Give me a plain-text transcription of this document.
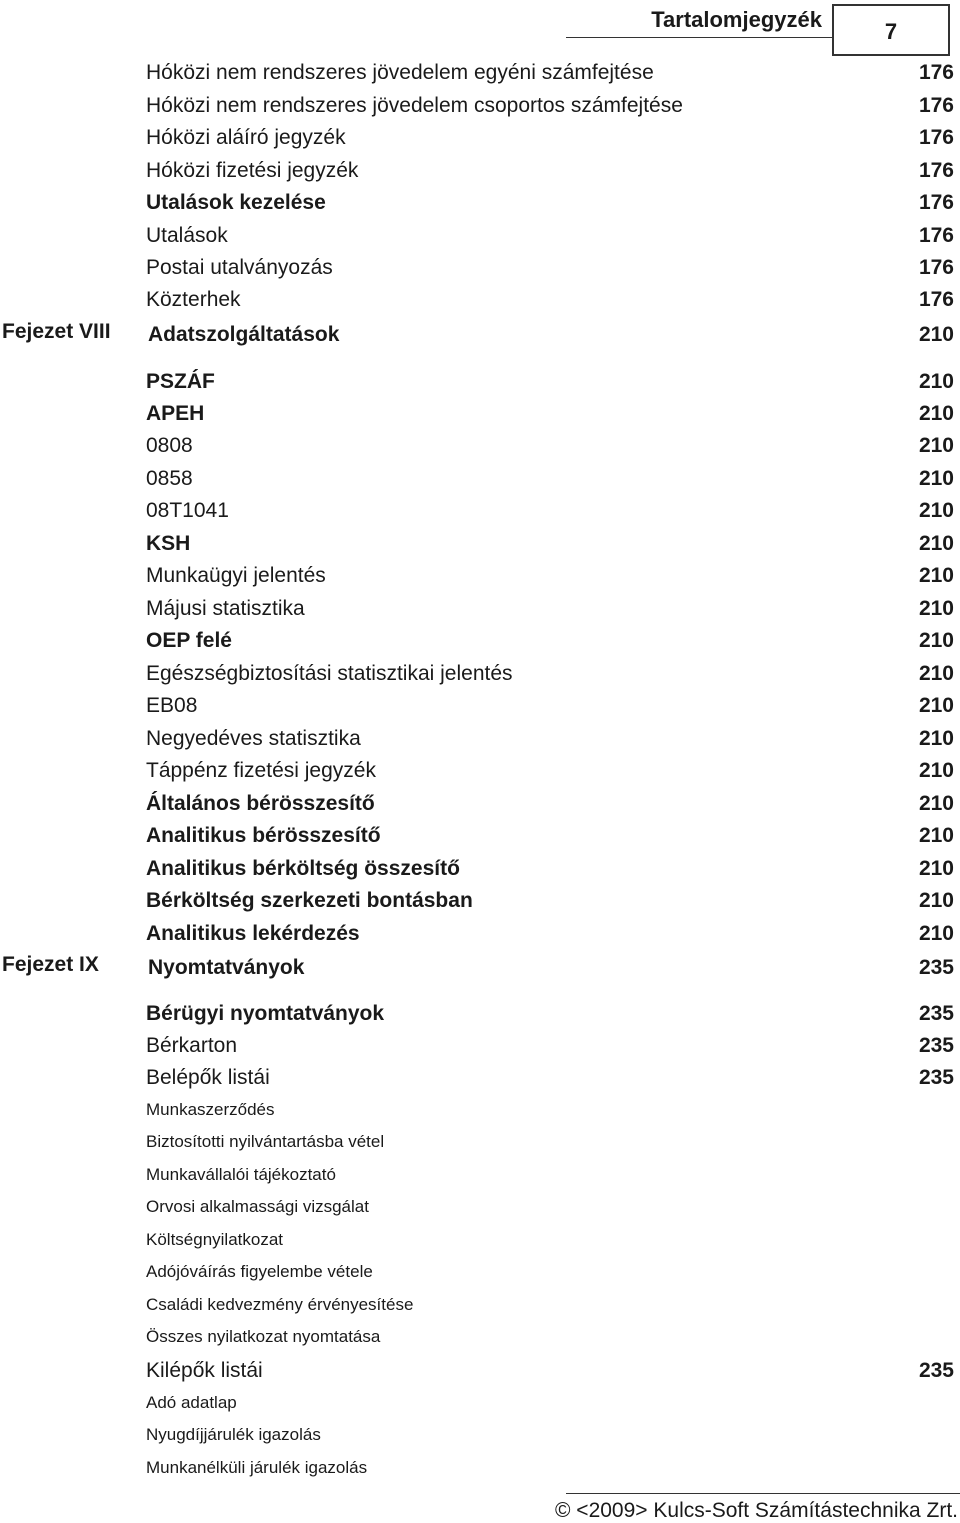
Tartalomjegyzék	7
Hóközi nem rendszeres jövedelem egyéni számfejtése	176
Hóközi nem rendszeres jövedelem csoportos számfejtése	176
Hóközi aláíró jegyzék	176
Hóközi fizetési jegyzék	176
Utalások kezelése	176
Utalások	176
Postai utalványozás	176
Közterhek	176
Fejezet VIII Adatszolgáltatások	210
PSZÁF	210
APEH	210
0808	210
0858	210
08T1041	210
KSH	210
Munkaügyi jelentés	210
Májusi statisztika	210
OEP felé	210
Egészségbiztosítási statisztikai jelentés	210
EB08	210
Negyedéves statisztika	210
Táppénz fizetési jegyzék	210
Általános bérösszesítő	210
Analitikus bérösszesítő	210
Analitikus bérköltség összesítő	210
Bérköltség szerkezeti bontásban	210
Analitikus lekérdezés	210
Fejezet IX Nyomtatványok	235
Bérügyi nyomtatványok	235
Bérkarton	235
Belépők listái	235
Munkaszerződés
Biztosítotti nyilvántartásba vétel
Munkavállalói tájékoztató
Orvosi alkalmassági vizsgálat
Költségnyilatkozat
Adójóváírás figyelembe vétele
Családi kedvezmény érvényesítése
Összes nyilatkozat nyomtatása
Kilépők listái	235
Adó adatlap
Nyugdíjjárulék igazolás
Munkanélküli járulék igazolás
© <2009> Kulcs-Soft Számítástechnika Zrt.
